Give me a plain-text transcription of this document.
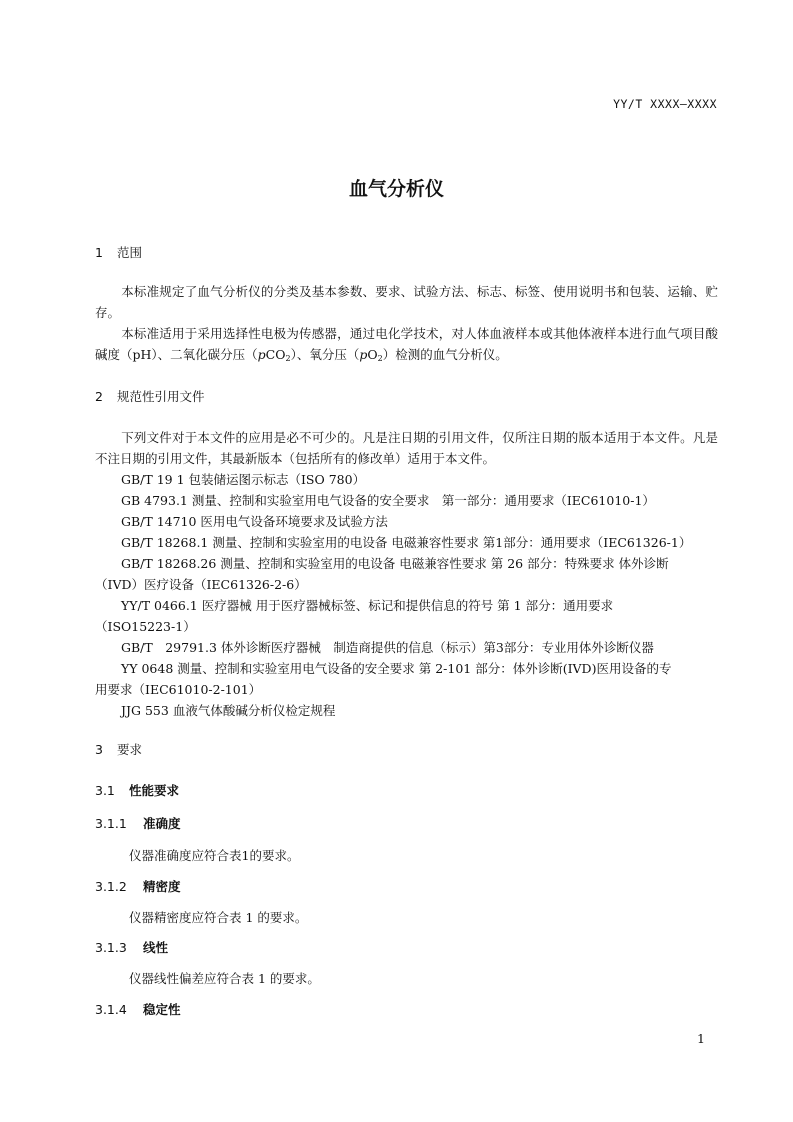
YY/T XXXX—XXXX
血气分析仪
1 范围
本标准规定了血气分析仪的分类及基本参数、要求、试验方法、标志、标签、使用说明书和包装、运输、贮存。
本标准适用于采用选择性电极为传感器，通过电化学技术，对人体血液样本或其他体液样本进行血气项目酸碱度（pH）、二氧化碳分压（pCO$_2$）、氧分压$(pO_2)$检测的血气分析仪。
2 规范性引用文件
下列文件对于本文件的应用是必不可少的。凡是注日期的引用文件，仅所注日期的版本适用于本文件。凡是不注日期的引用文件，其最新版本（包括所有的修改单）适用于本文件。
GB/T 19 1 包装储运图示标志（ISO 780）
GB 4793.1 测量、控制和实验室用电气设备的安全要求　第一部分：通用要求（IEC61010-1）
GB/T 14710 医用电气设备环境要求及试验方法
GB/T 18268.1 测量、控制和实验室用的电设备 电磁兼容性要求 第1部分：通用要求（IEC61326-1）
GB/T 18268.26 测量、控制和实验室用的电设备 电磁兼容性要求 第 26 部分：特殊要求 体外诊断
（IVD）医疗设备（IEC61326-2-6）
YY/T 0466.1 医疗器械 用于医疗器械标签、标记和提供信息的符号 第 1 部分：通用要求
（ISO15223-1）
GB/T　29791.3 体外诊断医疗器械　制造商提供的信息（标示）第3部分：专业用体外诊断仪器
YY 0648 测量、控制和实验室用电气设备的安全要求 第 2-101 部分：体外诊断(IVD)医用设备的专
用要求（IEC61010-2-101）
JJG 553 血液气体酸碱分析仪检定规程
3 要求
3.1 性能要求
3.1.1 准确度
仪器准确度应符合表1的要求。
3.1.2 精密度
仪器精密度应符合表 1 的要求。
3.1.3 线性
仪器线性偏差应符合表 1 的要求。
3.1.4 稳定性
1
